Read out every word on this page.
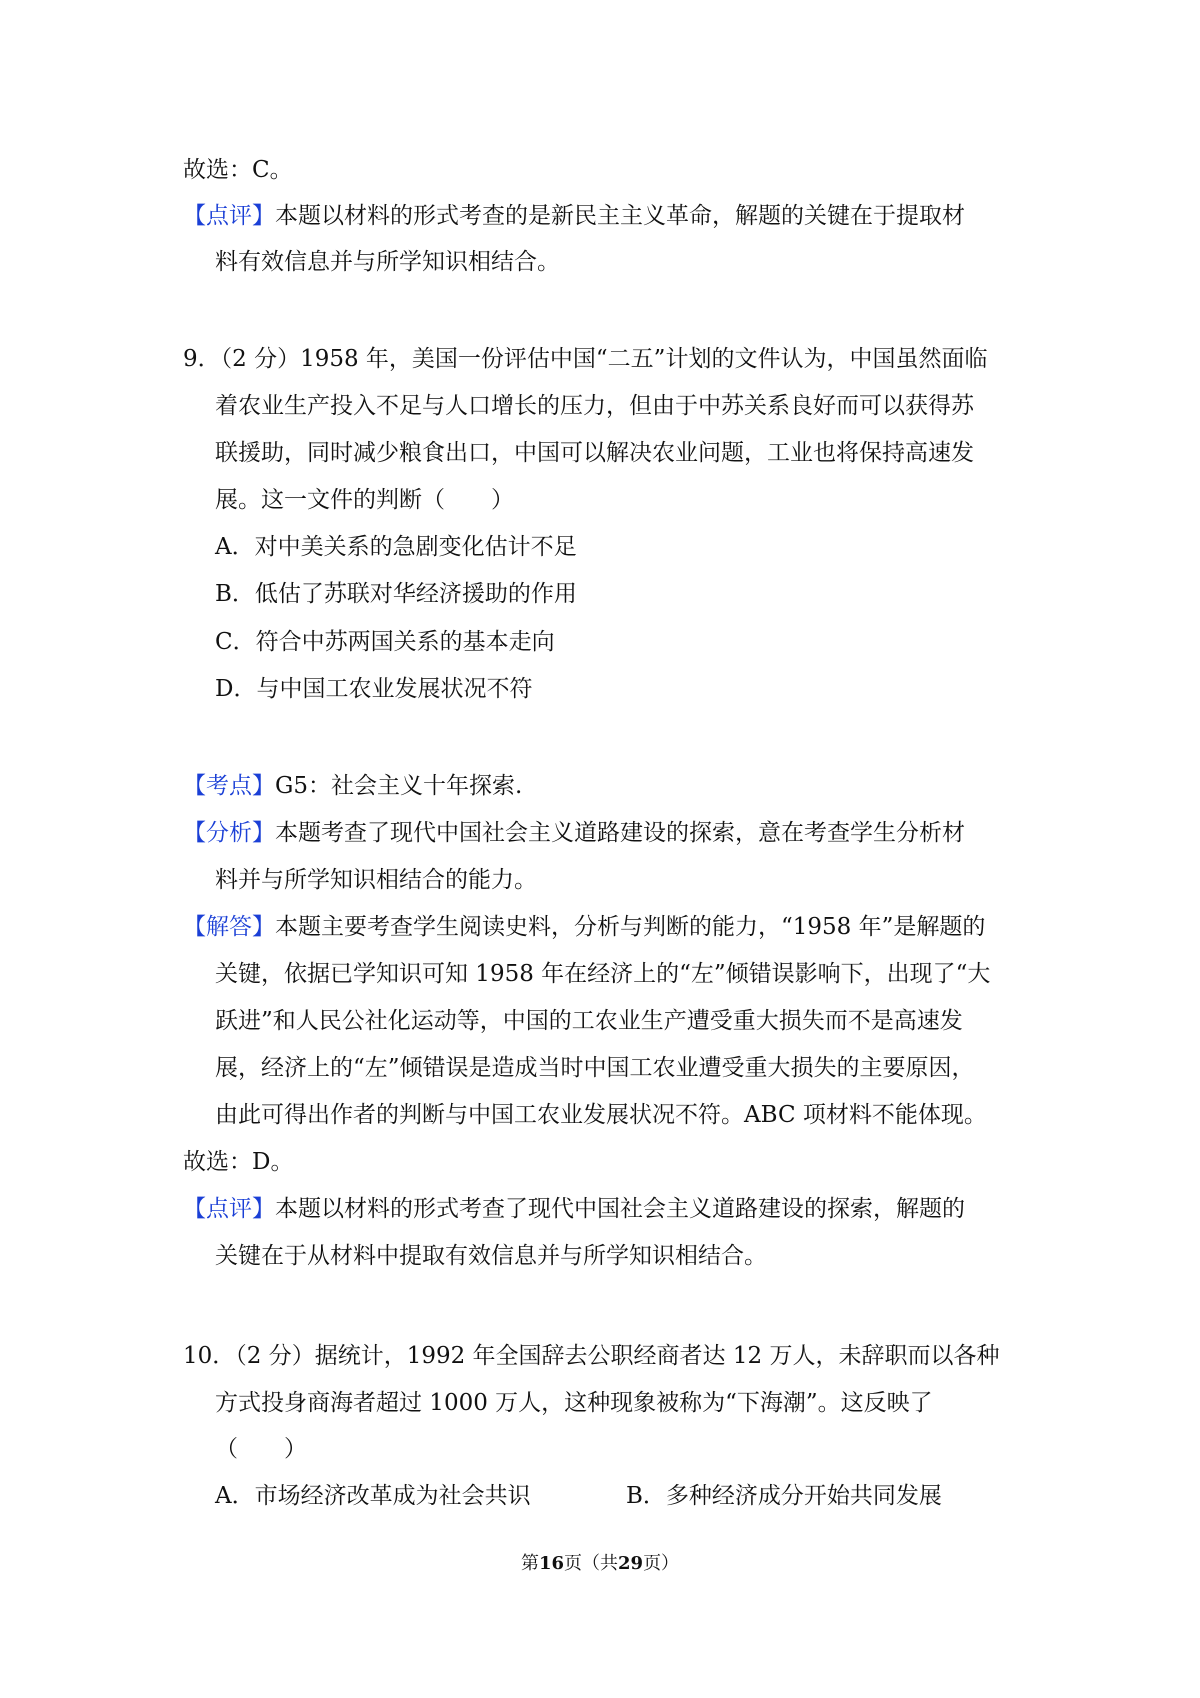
故选：C。
【点评】本题以材料的形式考查的是新民主主义革命，解题的关键在于提取材
料有效信息并与所学知识相结合。
9．（2 分）1958 年，美国一份评估中国“二五”计划的文件认为，中国虽然面临
着农业生产投入不足与人口增长的压力，但由于中苏关系良好而可以获得苏
联援助，同时减少粮食出口，中国可以解决农业问题，工业也将保持高速发
展。这一文件的判断（　　）
A．对中美关系的急剧变化估计不足
B．低估了苏联对华经济援助的作用
C．符合中苏两国关系的基本走向
D．与中国工农业发展状况不符
【考点】G5：社会主义十年探索.
【分析】本题考查了现代中国社会主义道路建设的探索，意在考查学生分析材
料并与所学知识相结合的能力。
【解答】本题主要考查学生阅读史料，分析与判断的能力，“1958 年”是解题的
关键，依据已学知识可知 1958 年在经济上的“左”倾错误影响下，出现了“大
跃进”和人民公社化运动等，中国的工农业生产遭受重大损失而不是高速发
展，经济上的“左”倾错误是造成当时中国工农业遭受重大损失的主要原因，
由此可得出作者的判断与中国工农业发展状况不符。ABC 项材料不能体现。
故选：D。
【点评】本题以材料的形式考查了现代中国社会主义道路建设的探索，解题的
关键在于从材料中提取有效信息并与所学知识相结合。
10．（2 分）据统计，1992 年全国辞去公职经商者达 12 万人，未辞职而以各种
方式投身商海者超过 1000 万人，这种现象被称为“下海潮”。这反映了
（　　）
A．市场经济改革成为社会共识	B．多种经济成分开始共同发展
第16页（共29页）
